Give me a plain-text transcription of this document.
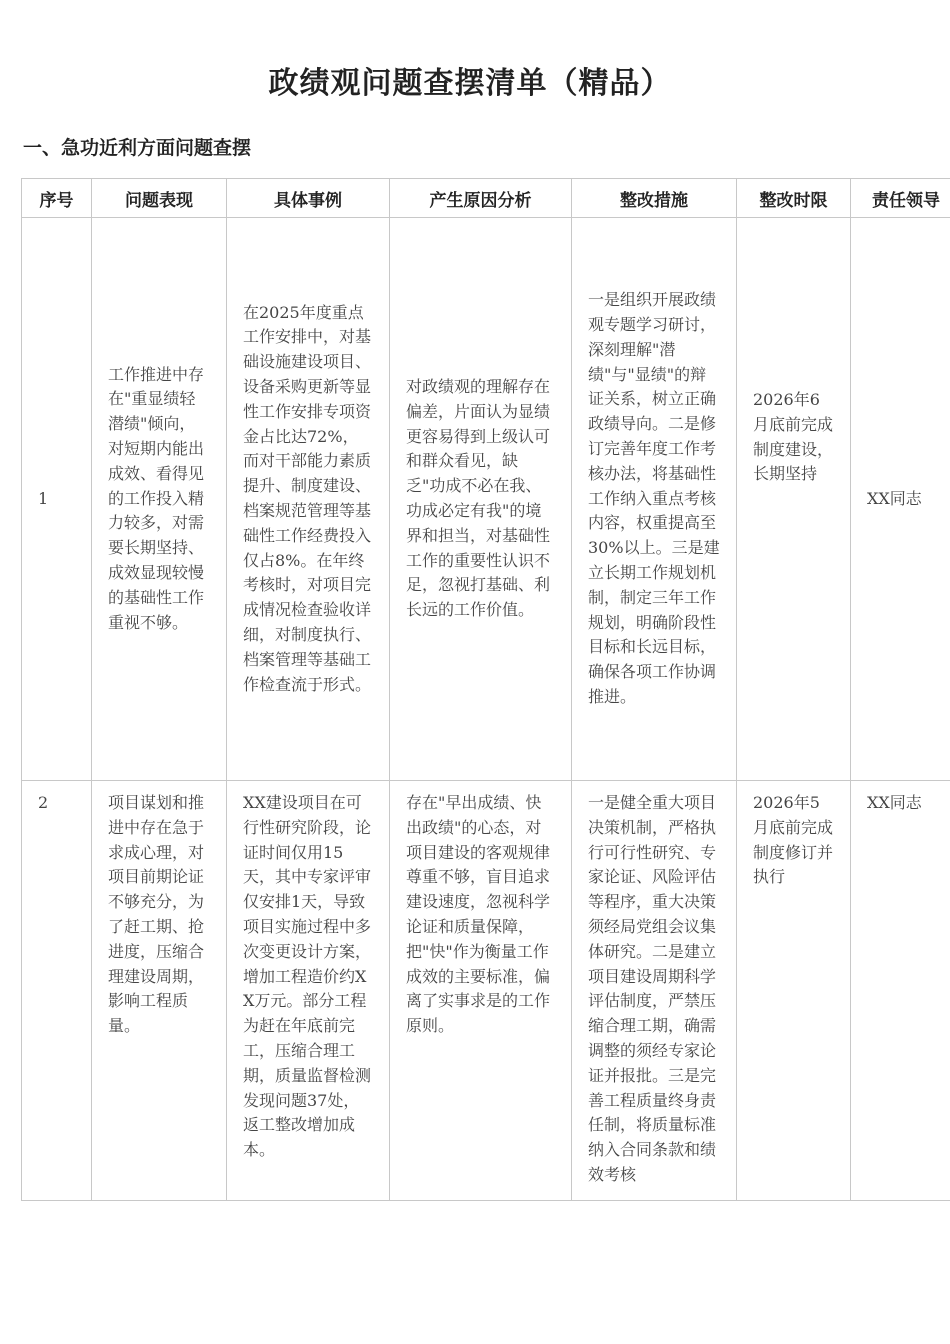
政绩观问题查摆清单（精品）
一、急功近利方面问题查摆
序号	问题表现	具体事例	产生原因分析	整改措施	整改时限	责任领导
1	工作推进中存在"重显绩轻潜绩"倾向，对短期内能出成效、看得见的工作投入精力较多，对需要长期坚持、成效显现较慢的基础性工作重视不够。	在2025年度重点工作安排中，对基础设施建设项目、设备采购更新等显性工作安排专项资金占比达72%，而对干部能力素质提升、制度建设、档案规范管理等基础性工作经费投入仅占8%。在年终考核时，对项目完成情况检查验收详细，对制度执行、档案管理等基础工作检查流于形式。	对政绩观的理解存在偏差，片面认为显绩更容易得到上级认可和群众看见，缺乏"功成不必在我、功成必定有我"的境界和担当，对基础性工作的重要性认识不足，忽视打基础、利长远的工作价值。	一是组织开展政绩观专题学习研讨，深刻理解"潜绩"与"显绩"的辩证关系，树立正确政绩导向。二是修订完善年度工作考核办法，将基础性工作纳入重点考核内容，权重提高至30%以上。三是建立长期工作规划机制，制定三年工作规划，明确阶段性目标和长远目标，确保各项工作协调推进。	2026年6月底前完成制度建设，长期坚持	XX同志
2	项目谋划和推进中存在急于求成心理，对项目前期论证不够充分，为了赶工期、抢进度，压缩合理建设周期，影响工程质量。	XX建设项目在可行性研究阶段，论证时间仅用15天，其中专家评审仅安排1天，导致项目实施过程中多次变更设计方案，增加工程造价约XX万元。部分工程为赶在年底前完工，压缩合理工期，质量监督检测发现问题37处，返工整改增加成本。	存在"早出成绩、快出政绩"的心态，对项目建设的客观规律尊重不够，盲目追求建设速度，忽视科学论证和质量保障，把"快"作为衡量工作成效的主要标准，偏离了实事求是的工作原则。	一是健全重大项目决策机制，严格执行可行性研究、专家论证、风险评估等程序，重大决策须经局党组会议集体研究。二是建立项目建设周期科学评估制度，严禁压缩合理工期，确需调整的须经专家论证并报批。三是完善工程质量终身责任制，将质量标准纳入合同条款和绩效考核	2026年5月底前完成制度修订并执行	XX同志
